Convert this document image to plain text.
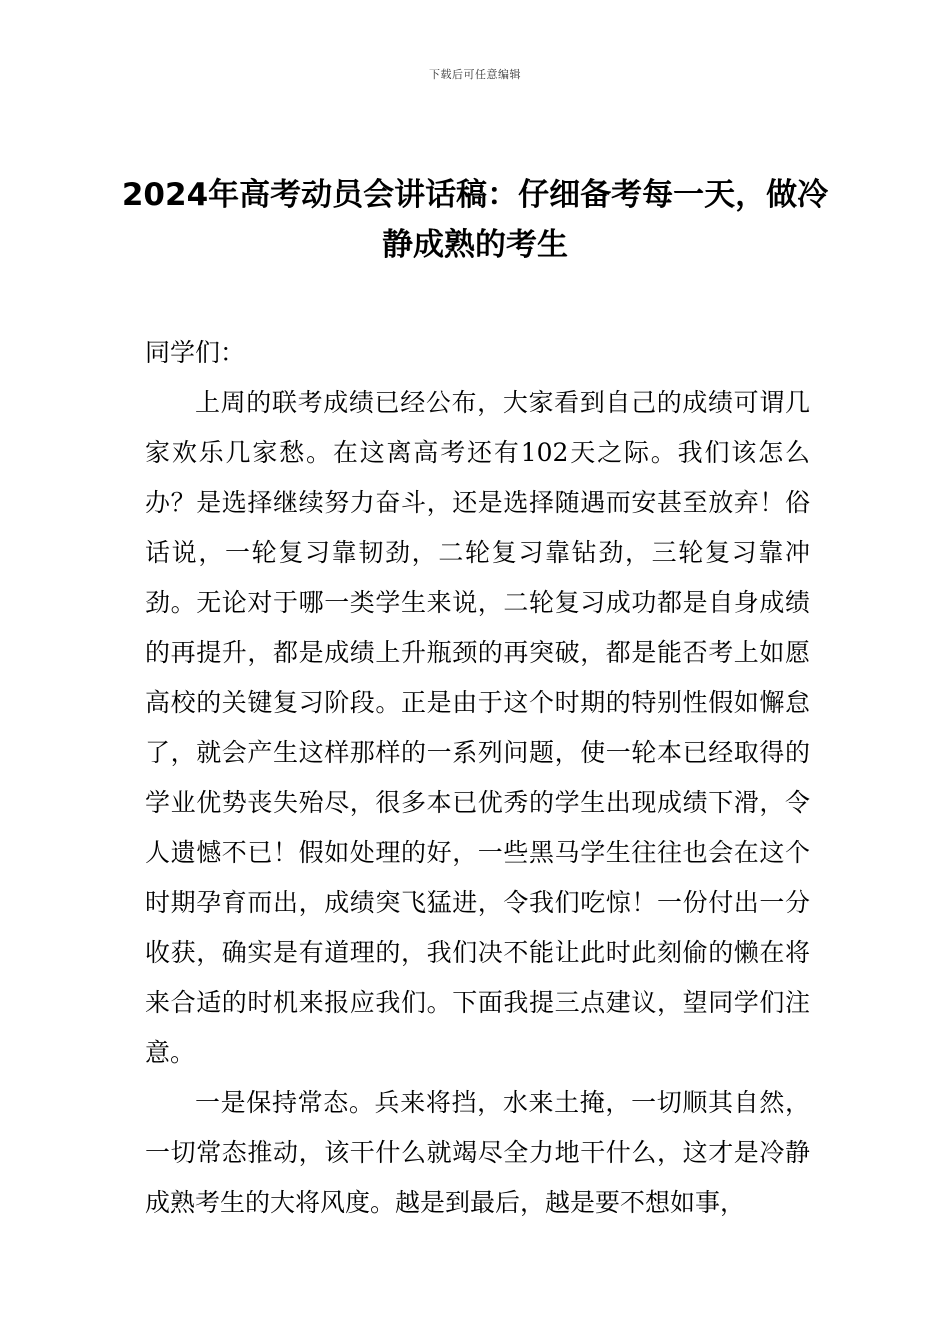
下载后可任意编辑
2024年高考动员会讲话稿：仔细备考每一天，做冷静成熟的考生

同学们：

上周的联考成绩已经公布，大家看到自己的成绩可谓几家欢乐几家愁。在这离高考还有102天之际。我们该怎么办？是选择继续努力奋斗，还是选择随遇而安甚至放弃！俗话说，一轮复习靠韧劲，二轮复习靠钻劲，三轮复习靠冲劲。无论对于哪一类学生来说，二轮复习成功都是自身成绩的再提升，都是成绩上升瓶颈的再突破，都是能否考上如愿高校的关键复习阶段。正是由于这个时期的特别性假如懈怠了，就会产生这样那样的一系列问题，使一轮本已经取得的学业优势丧失殆尽，很多本已优秀的学生出现成绩下滑，令人遗憾不已！假如处理的好，一些黑马学生往往也会在这个时期孕育而出，成绩突飞猛进，令我们吃惊！一份付出一分收获，确实是有道理的，我们决不能让此时此刻偷的懒在将来合适的时机来报应我们。下面我提三点建议，望同学们注意。

一是保持常态。兵来将挡，水来土掩，一切顺其自然，一切常态推动，该干什么就竭尽全力地干什么，这才是冷静成熟考生的大将风度。越是到最后，越是要不想如事，
